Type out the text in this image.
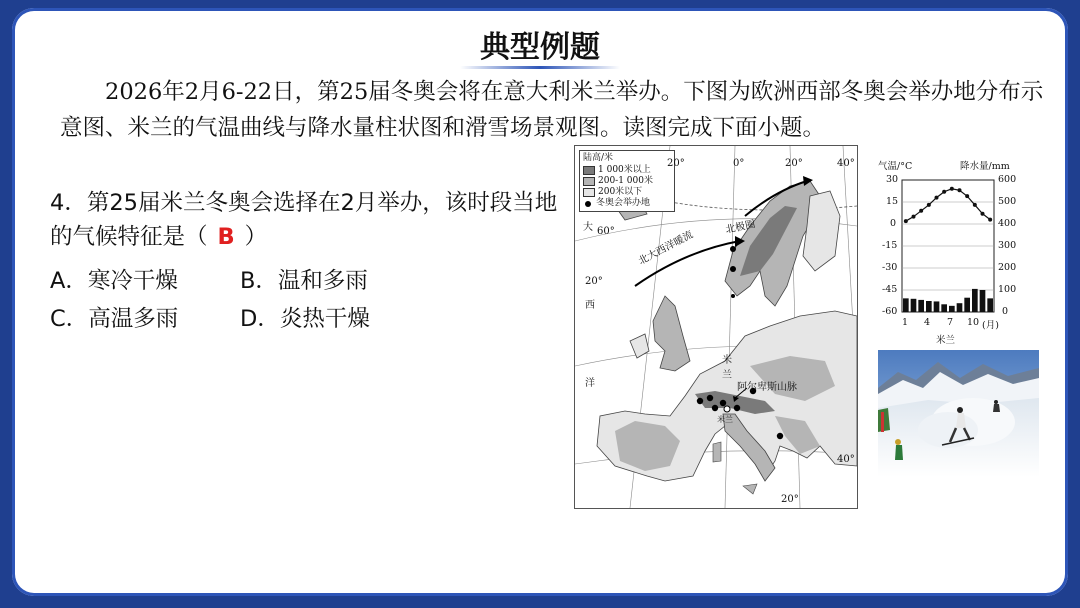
典型例题
2026年2月6-22日，第25届冬奥会将在意大利米兰举办。下图为欧洲西部冬奥会举办地分布示意图、米兰的气温曲线与降水量柱状图和滑雪场景观图。读图完成下面小题。
4．第25届米兰冬奥会选择在2月举办，该时段当地的气候特征是（ B ）
A．寒冷干燥	B．温和多雨
C．高温多雨	D．炎热干燥
陆高/米
1 000米以上
200-1 000米
200米以下
冬奥会举办地
20°	0°	20°	40°
60°
20°
40°
20°
大
西
洋
北大西洋暖流
北极圈
阿尔卑斯山脉
米兰
米
兰
气温/°C	降水量/mm
30
15
0
-15
-30
-45
-60
600
500
400
300
200
100
0
1 4 7 10 (月)
米兰
